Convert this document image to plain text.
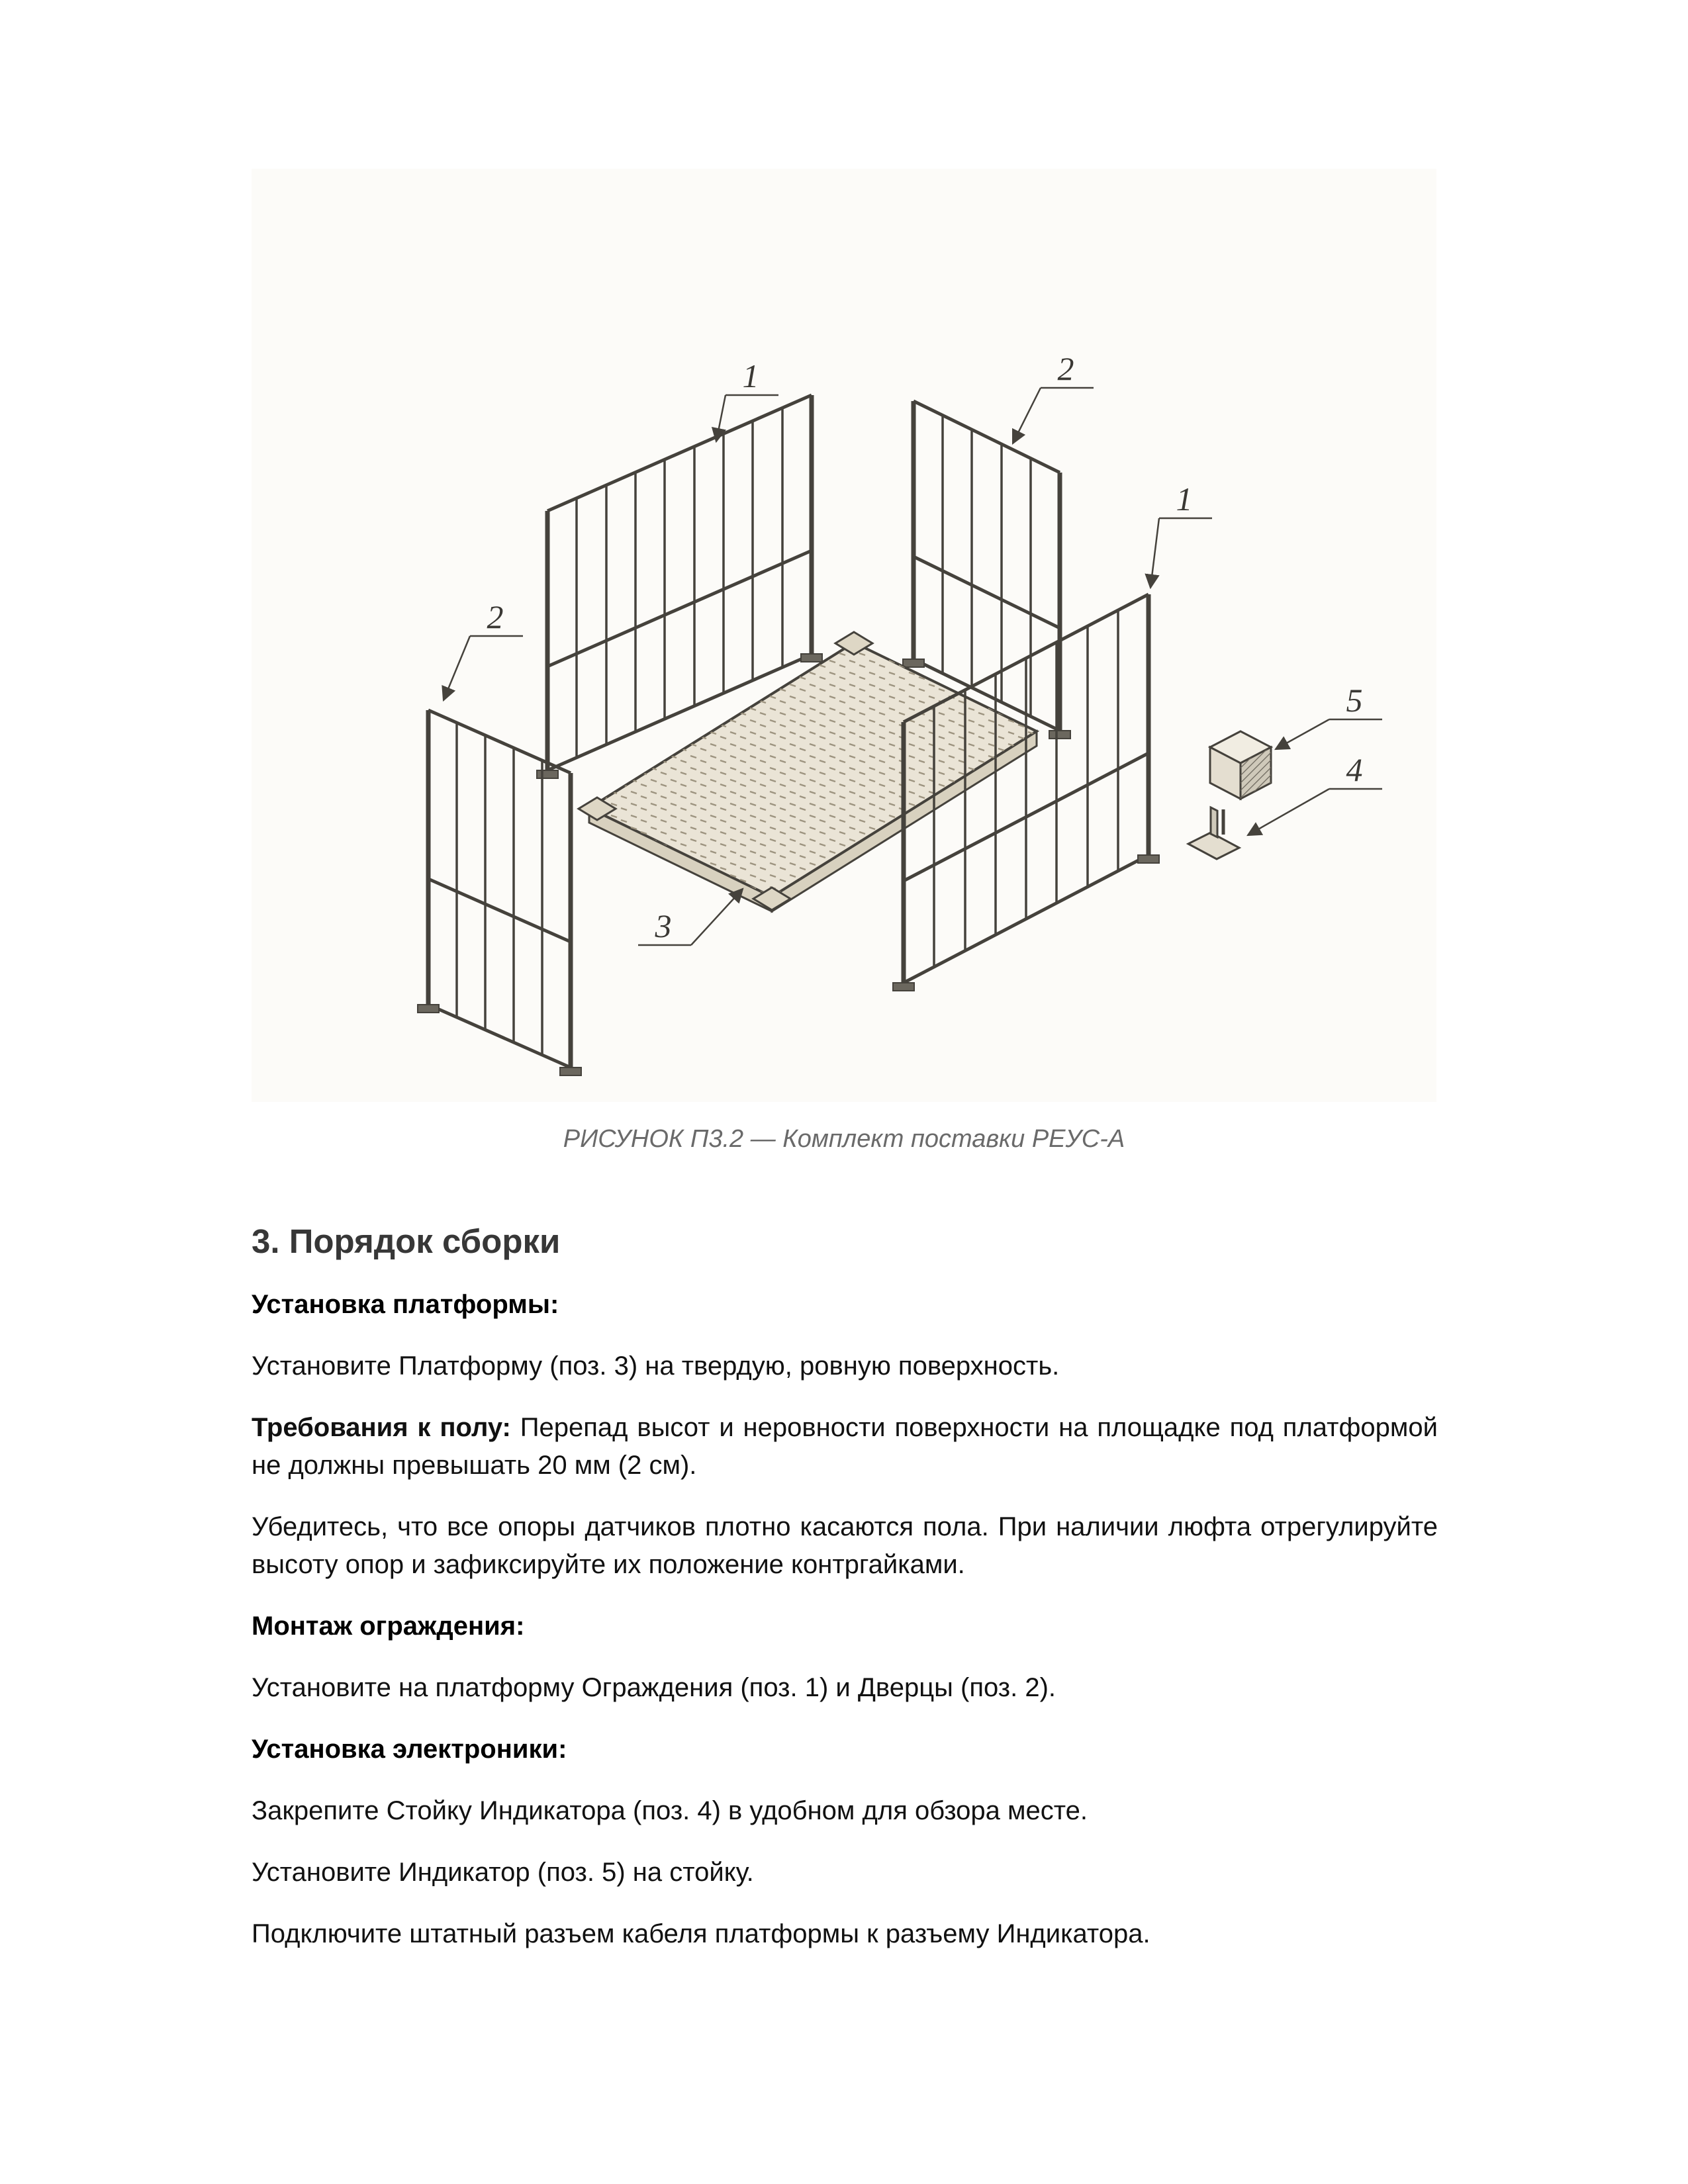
1	2
1
2
3
5
4
РИСУНОК П3.2 — Комплект поставки РЕУС-А
3. Порядок сборки

Установка платформы:

Установите Платформу (поз. 3) на твердую, ровную поверхность.

Требования к полу: Перепад высот и неровности поверхности на площадке под платформой не должны превышать 20 мм (2 см).

Убедитесь, что все опоры датчиков плотно касаются пола. При наличии люфта отрегулируйте высоту опор и зафиксируйте их положение контргайками.

Монтаж ограждения:

Установите на платформу Ограждения (поз. 1) и Дверцы (поз. 2).

Установка электроники:

Закрепите Стойку Индикатора (поз. 4) в удобном для обзора месте.

Установите Индикатор (поз. 5) на стойку.

Подключите штатный разъем кабеля платформы к разъему Индикатора.
